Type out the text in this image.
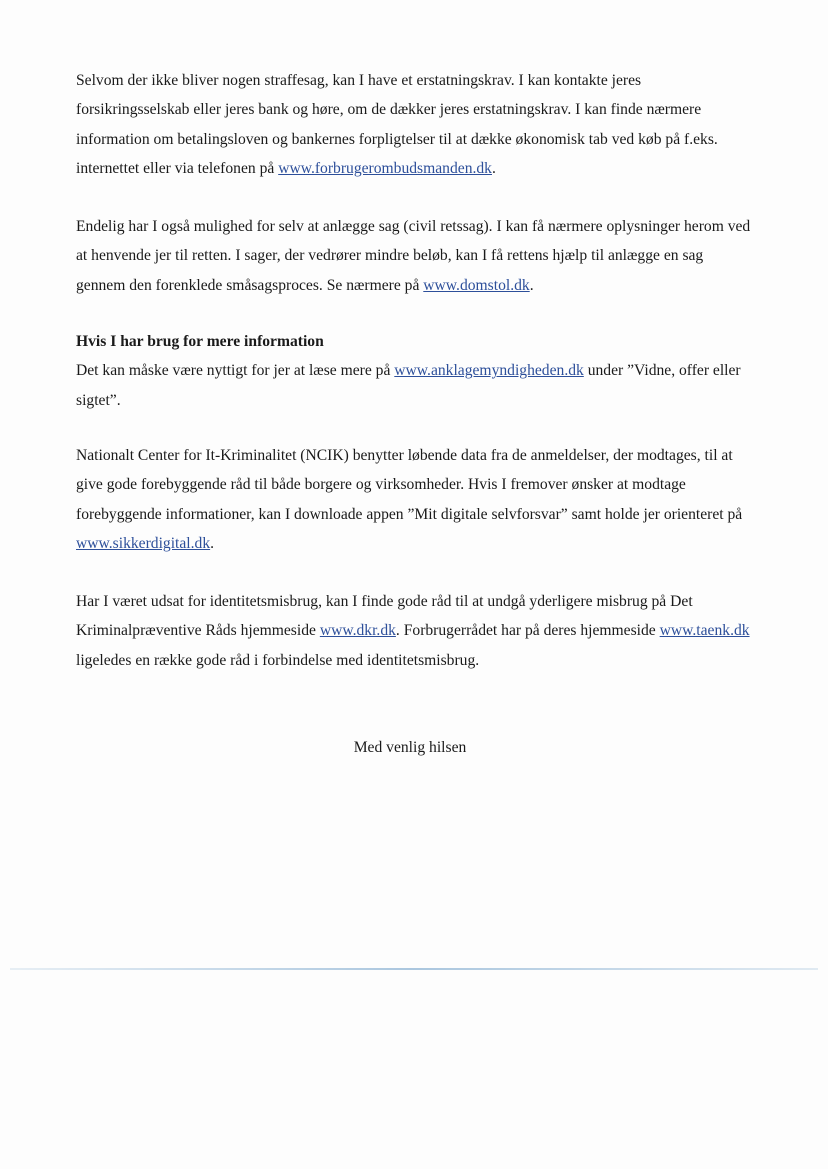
Selvom der ikke bliver nogen straffesag, kan I have et erstatningskrav. I kan kontakte jeres forsikringsselskab eller jeres bank og høre, om de dækker jeres erstatningskrav. I kan finde nærmere information om betalingsloven og bankernes forpligtelser til at dække økonomisk tab ved køb på f.eks. internettet eller via telefonen på www.forbrugerombudsmanden.dk.

Endelig har I også mulighed for selv at anlægge sag (civil retssag). I kan få nærmere oplysninger herom ved at henvende jer til retten. I sager, der vedrører mindre beløb, kan I få rettens hjælp til anlægge en sag gennem den forenklede småsagsproces. Se nærmere på www.domstol.dk.

Hvis I har brug for mere information

Det kan måske være nyttigt for jer at læse mere på www.anklagemyndigheden.dk under ”Vidne, offer eller sigtet”.

Nationalt Center for It-Kriminalitet (NCIK) benytter løbende data fra de anmeldelser, der modtages, til at give gode forebyggende råd til både borgere og virksomheder. Hvis I fremover ønsker at modtage forebyggende informationer, kan I downloade appen ”Mit digitale selvforsvar” samt holde jer orienteret på www.sikkerdigital.dk.

Har I været udsat for identitetsmisbrug, kan I finde gode råd til at undgå yderligere misbrug på Det Kriminalpræventive Råds hjemmeside www.dkr.dk. Forbrugerrådet har på deres hjemmeside www.taenk.dk ligeledes en række gode råd i forbindelse med identitetsmisbrug.

Med venlig hilsen
